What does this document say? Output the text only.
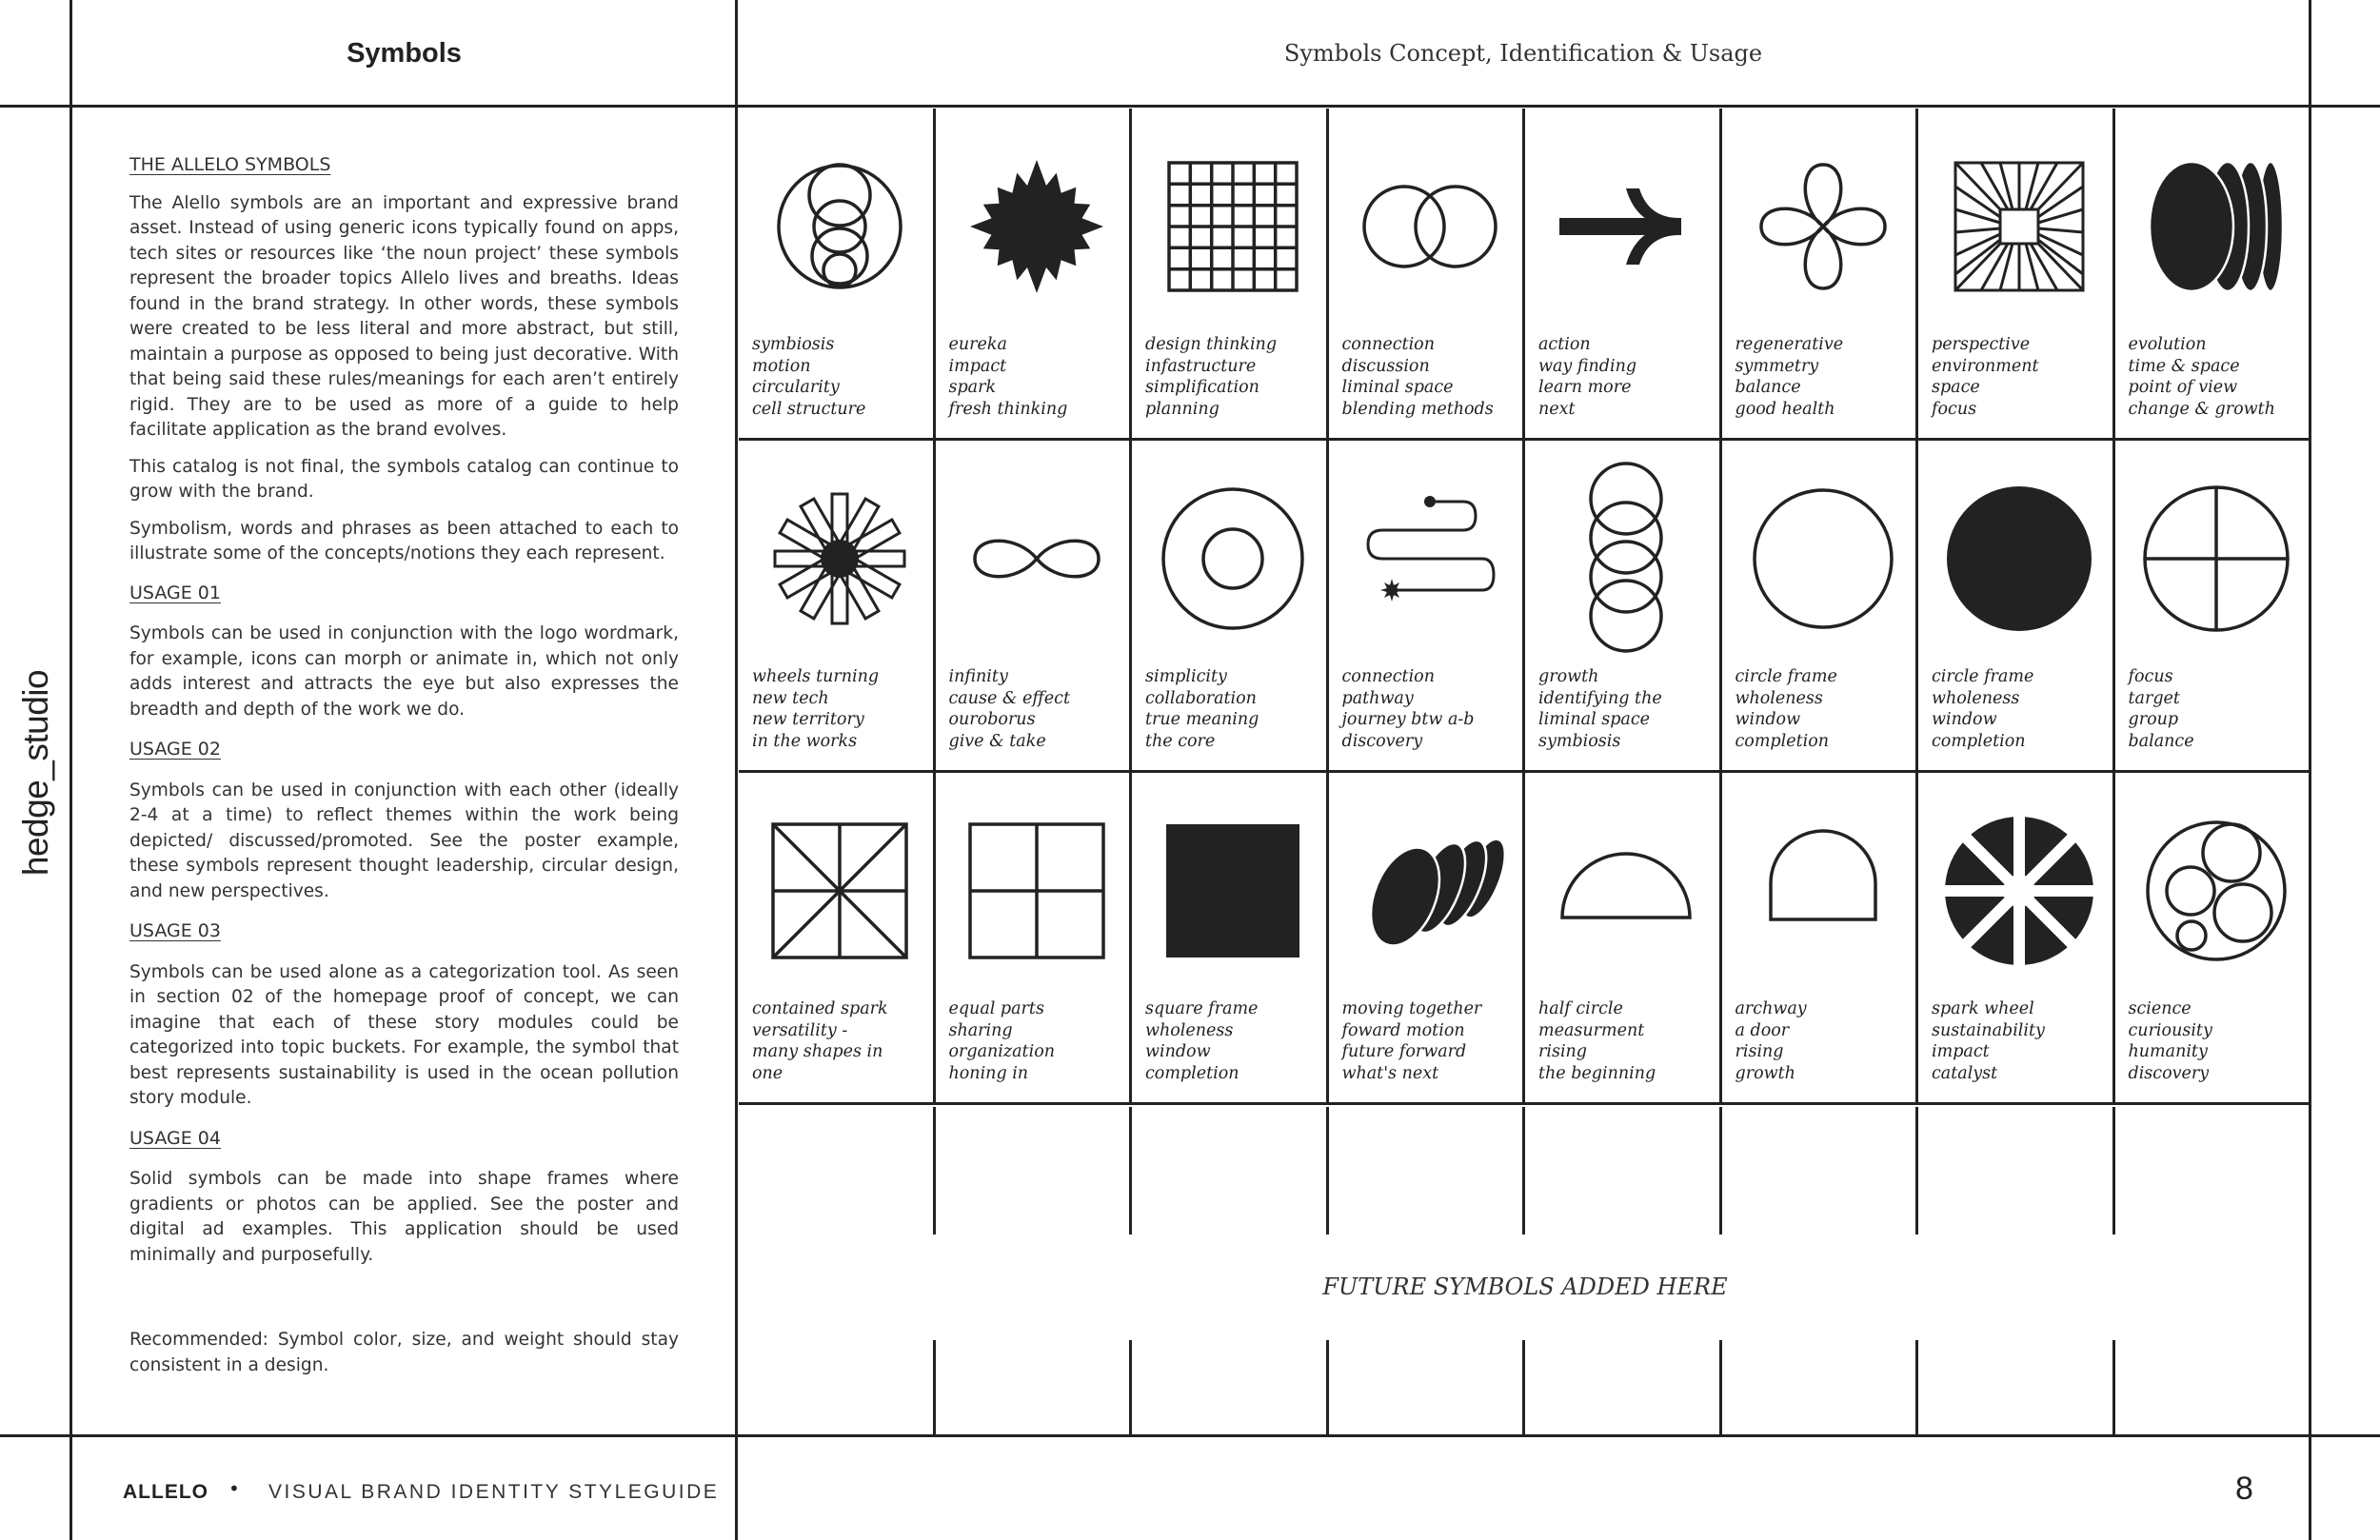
hedge_studio
Symbols	Symbols Concept, Identification & Usage
THE ALLELO SYMBOLS

The Alello symbols are an important and expressive brand asset. Instead of using generic icons typically found on apps, tech sites or resources like ‘the noun project’ these symbols represent the broader topics Allelo lives and breaths. Ideas found in the brand strategy. In other words, these symbols were created to be less literal and more abstract, but still, maintain a purpose as opposed to being just decorative. With that being said these rules/meanings for each aren’t entirely rigid. They are to be used as more of a guide to help facilitate application as the brand evolves.

This catalog is not final, the symbols catalog can continue to grow with the brand.

Symbolism, words and phrases as been attached to each to illustrate some of the concepts/notions they each represent.

USAGE 01

Symbols can be used in conjunction with the logo wordmark, for example, icons can morph or animate in, which not only adds interest and attracts the eye but also expresses the breadth and depth of the work we do.

USAGE 02

Symbols can be used in conjunction with each other (ideally 2-4 at a time) to reflect themes within the work being depicted/ discussed/promoted. See the poster example, these symbols represent thought leadership, circular design, and new perspectives.

USAGE 03

Symbols can be used alone as a categorization tool. As seen in section 02 of the homepage proof of concept, we can imagine that each of these story modules could be categorized into topic buckets. For example, the symbol that best represents sustainability is used in the ocean pollution story module.

USAGE 04

Solid symbols can be made into shape frames where gradients or photos can be applied. See the poster and digital ad examples. This application should be used minimally and purposefully.

Recommended: Symbol color, size, and weight should stay consistent in a design.

symbiosis
motion
circularity
cell structure
eureka
impact
spark
fresh thinking
design thinking
infastructure
simplification
planning
connection
discussion
liminal space
blending methods
action
way finding
learn more
next
regenerative
symmetry
balance
good health
perspective
environment
space
focus
evolution
time & space
point of view
change & growth
wheels turning
new tech
new territory
in the works
infinity
cause & effect
ouroborus
give & take
simplicity
collaboration
true meaning
the core
connection
pathway
journey btw a-b
discovery
growth
identifying the
liminal space
symbiosis
circle frame
wholeness
window
completion
circle frame
wholeness
window
completion
focus
target
group
balance
contained spark
versatility -
many shapes in
one
equal parts
sharing
organization
honing in
square frame
wholeness
window
completion
moving together
foward motion
future forward
what's next
half circle
measurment
rising
the beginning
archway
a door
rising
growth
spark wheel
sustainability
impact
catalyst
science
curiousity
humanity
discovery
FUTURE SYMBOLS ADDED HERE
ALLELO • VISUAL BRAND IDENTITY STYLEGUIDE	8
